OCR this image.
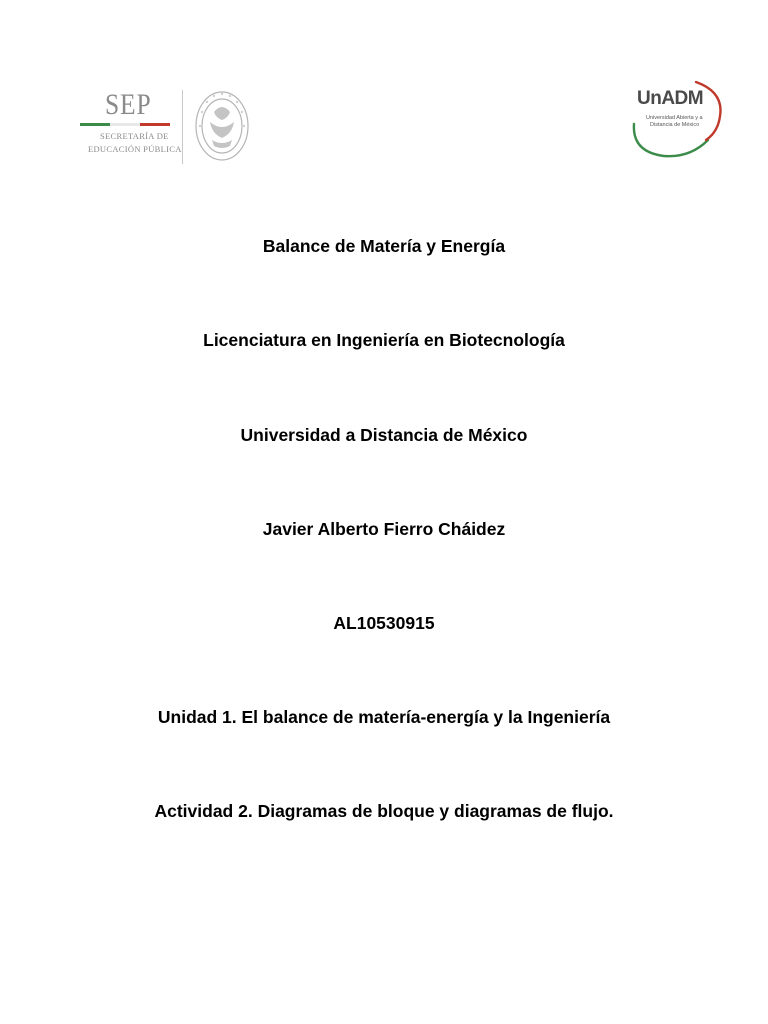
SEP
SECRETARÍA DE
EDUCACIÓN PÚBLICA
UnADM
Universidad Abierta y a
Distancia de México
Balance de Matería y Energía
Licenciatura en Ingeniería en Biotecnología
Universidad a Distancia de México
Javier Alberto Fierro Cháidez
AL10530915
Unidad 1. El balance de matería-energía y la Ingeniería
Actividad 2. Diagramas de bloque y diagramas de flujo.
